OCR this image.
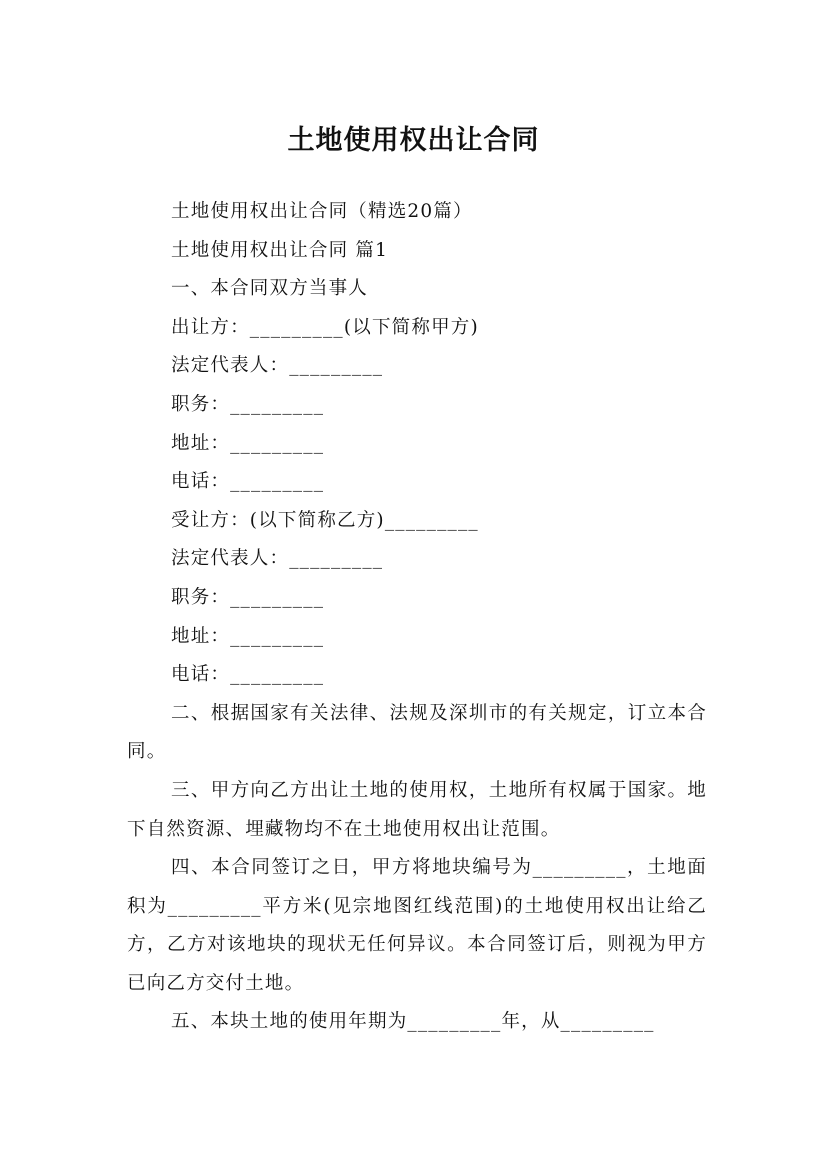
土地使用权出让合同

土地使用权出让合同（精选20篇）

土地使用权出让合同 篇1

一、本合同双方当事人

出让方：_________(以下简称甲方)

法定代表人：_________

职务：_________

地址：_________

电话：_________

受让方：(以下简称乙方)_________

法定代表人：_________

职务：_________

地址：_________

电话：_________

二、根据国家有关法律、法规及深圳市的有关规定，订立本合同。

三、甲方向乙方出让土地的使用权，土地所有权属于国家。地下自然资源、埋藏物均不在土地使用权出让范围。

四、本合同签订之日，甲方将地块编号为_________，土地面积为_________平方米(见宗地图红线范围)的土地使用权出让给乙方，乙方对该地块的现状无任何异议。本合同签订后，则视为甲方已向乙方交付土地。

五、本块土地的使用年期为_________年，从_________
